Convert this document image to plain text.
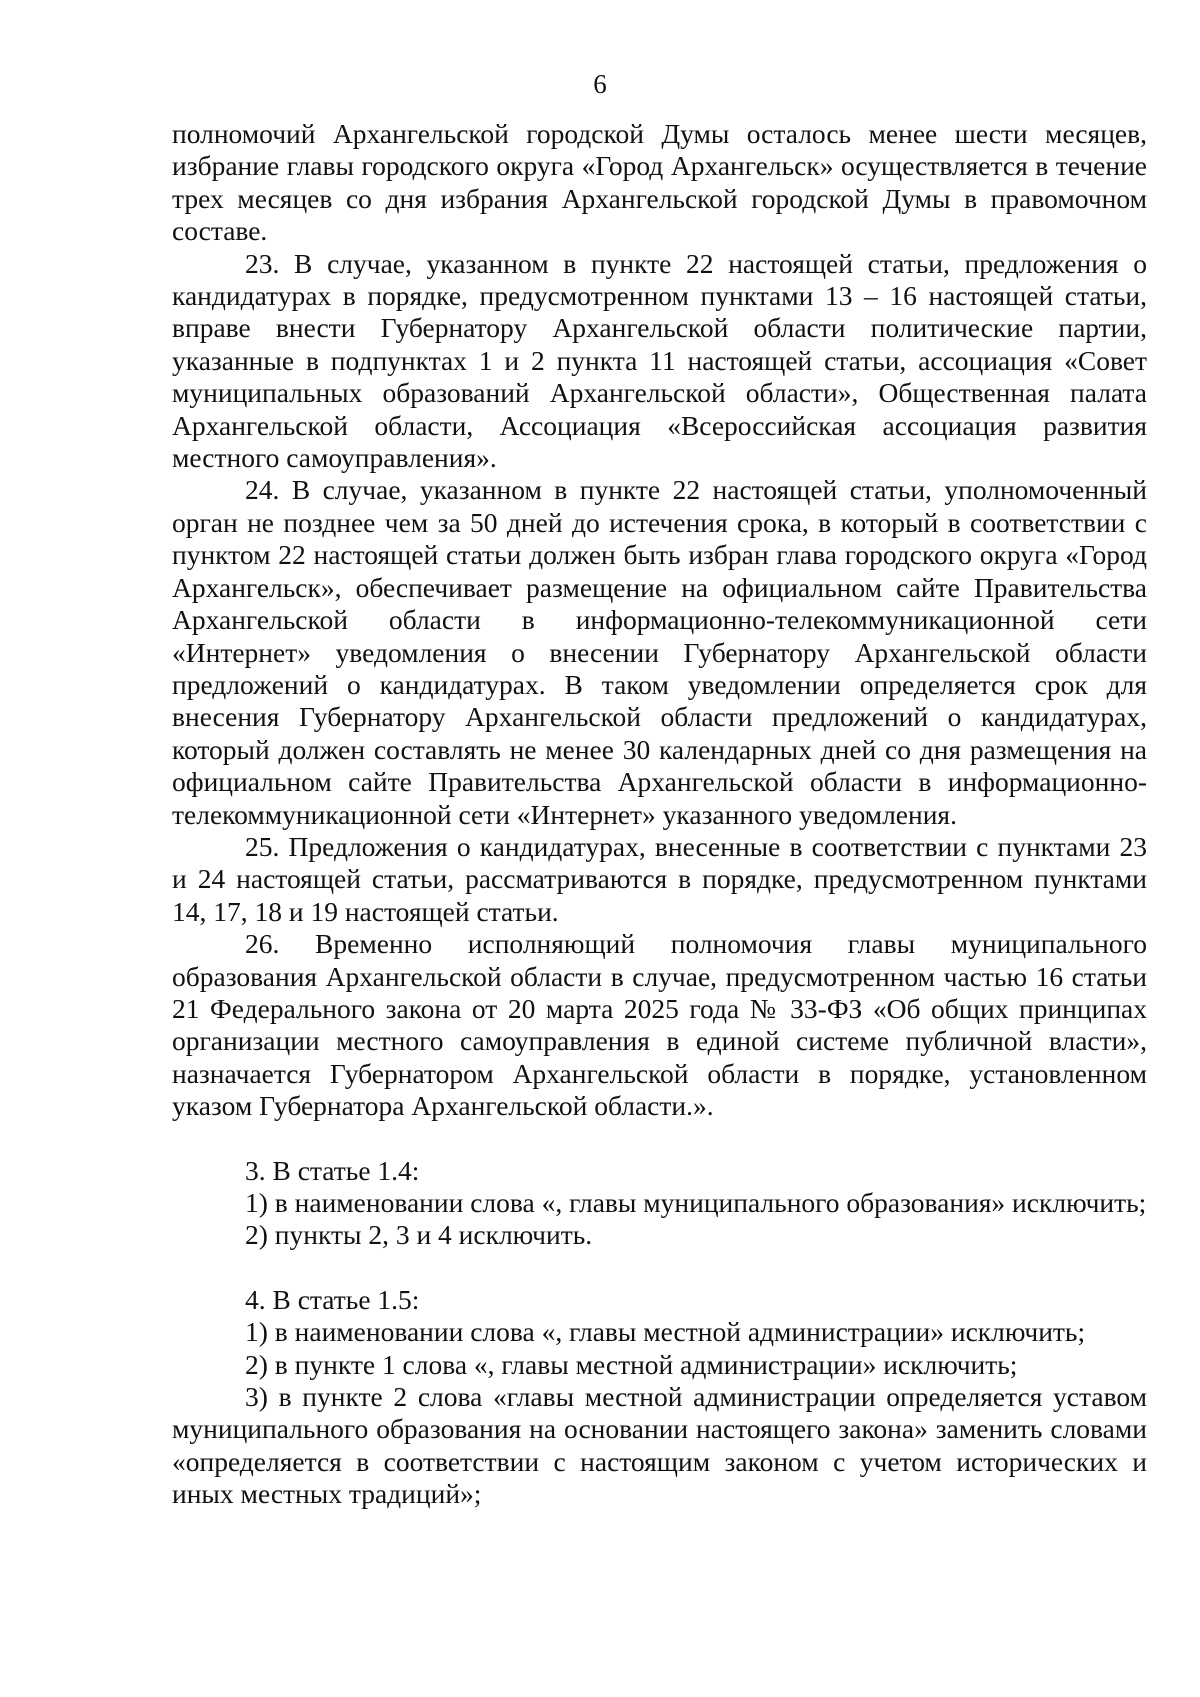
6

полномочий Архангельской городской Думы осталось менее шести месяцев, избрание главы городского округа «Город Архангельск» осуществляется в течение трех месяцев со дня избрания Архангельской городской Думы в правомочном составе.

23. В случае, указанном в пункте 22 настоящей статьи, предложения о кандидатурах в порядке, предусмотренном пунктами 13 – 16 настоящей статьи, вправе внести Губернатору Архангельской области политические партии, указанные в подпунктах 1 и 2 пункта 11 настоящей статьи, ассоциация «Совет муниципальных образований Архангельской области», Общественная палата Архангельской области, Ассоциация «Всероссийская ассоциация развития местного самоуправления».

24. В случае, указанном в пункте 22 настоящей статьи, уполномоченный орган не позднее чем за 50 дней до истечения срока, в который в соответствии с пунктом 22 настоящей статьи должен быть избран глава городского округа «Город Архангельск», обеспечивает размещение на официальном сайте Правительства Архангельской области в информационно-телекоммуникационной сети «Интернет» уведомления о внесении Губернатору Архангельской области предложений о кандидатурах. В таком уведомлении определяется срок для внесения Губернатору Архангельской области предложений о кандидатурах, который должен составлять не менее 30 календарных дней со дня размещения на официальном сайте Правительства Архангельской области в информационно-телекоммуникационной сети «Интернет» указанного уведомления.

25. Предложения о кандидатурах, внесенные в соответствии с пунктами 23 и 24 настоящей статьи, рассматриваются в порядке, предусмотренном пунктами 14, 17, 18 и 19 настоящей статьи.

26. Временно исполняющий полномочия главы муниципального образования Архангельской области в случае, предусмотренном частью 16 статьи 21 Федерального закона от 20 марта 2025 года № 33-ФЗ «Об общих принципах организации местного самоуправления в единой системе публичной власти», назначается Губернатором Архангельской области в порядке, установленном указом Губернатора Архангельской области.».

3. В статье 1.4:

1) в наименовании слова «, главы муниципального образования» исключить;

2) пункты 2, 3 и 4 исключить.

4. В статье 1.5:

1) в наименовании слова «, главы местной администрации» исключить;

2) в пункте 1 слова «, главы местной администрации» исключить;

3) в пункте 2 слова «главы местной администрации определяется уставом муниципального образования на основании настоящего закона» заменить словами «определяется в соответствии с настоящим законом с учетом исторических и иных местных традиций»;
